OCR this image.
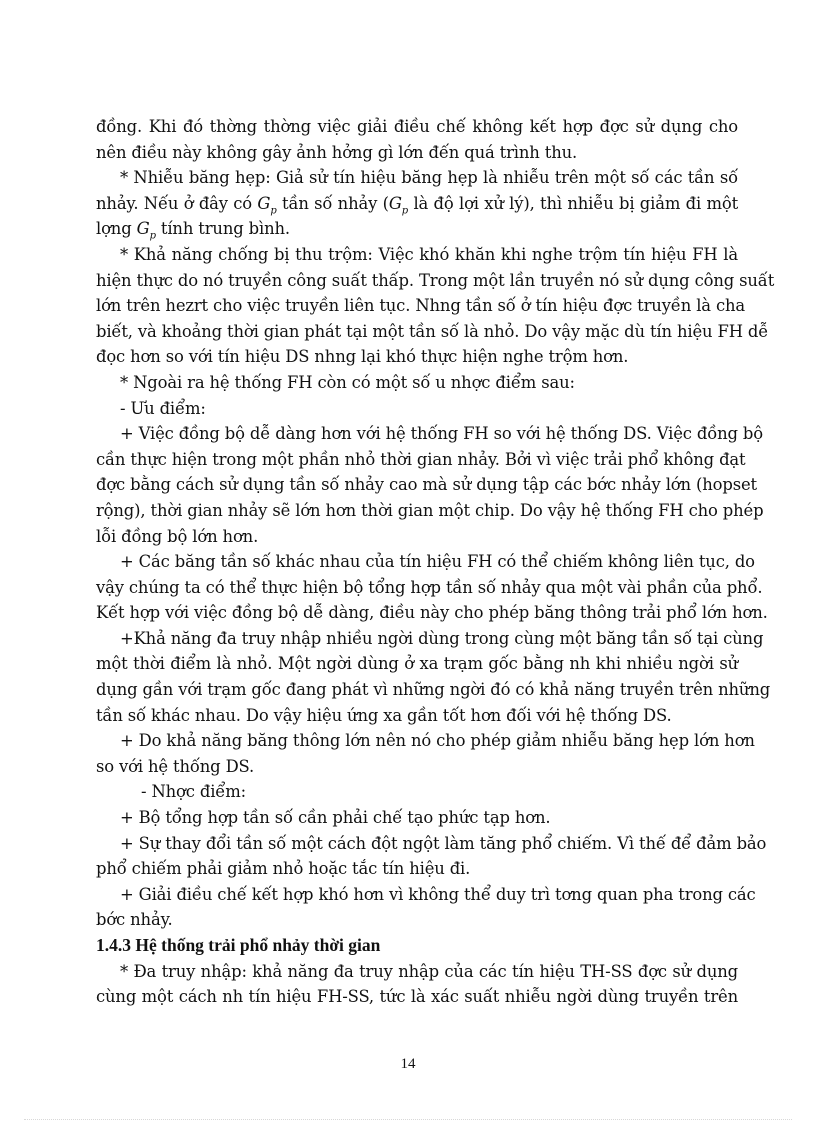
đồng. Khi đó thờng thờng việc giải điều chế không kết hợp đợc sử dụng cho
nên điều này không gây ảnh hởng gì lớn đến quá trình thu.
* Nhiễu băng hẹp: Giả sử tín hiệu băng hẹp là nhiễu trên một số các tần số
nhảy. Nếu ở đây có $G_p$ tần số nhảy ($G_p$ là độ lợi xử lý), thì nhiễu bị giảm đi một
lợng $G_p$ tính trung bình.
* Khả năng chống bị thu trộm: Việc khó khăn khi nghe trộm tín hiệu FH là
hiện thực do nó truyền công suất thấp. Trong một lần truyền nó sử dụng công suất
lớn trên hezrt cho việc truyền liên tục. Nhng tần số ở tín hiệu đợc truyền là cha
biết, và khoảng thời gian phát tại một tần số là nhỏ. Do vậy mặc dù tín hiệu FH dễ
đọc hơn so với tín hiệu DS nhng lại khó thực hiện nghe trộm hơn.
* Ngoài ra hệ thống FH còn có một số u nhợc điểm sau:
- Ưu điểm:
+ Việc đồng bộ dễ dàng hơn với hệ thống FH so với hệ thống DS. Việc đồng bộ
cần thực hiện trong một phần nhỏ thời gian nhảy. Bởi vì việc trải phổ không đạt
đợc bằng cách sử dụng tần số nhảy cao mà sử dụng tập các bớc nhảy lớn (hopset
rộng), thời gian nhảy sẽ lớn hơn thời gian một chip. Do vậy hệ thống FH cho phép
lỗi đồng bộ lớn hơn.
+ Các băng tần số khác nhau của tín hiệu FH có thể chiếm không liên tục, do
vậy chúng ta có thể thực hiện bộ tổng hợp tần số nhảy qua một vài phần của phổ.
Kết hợp với việc đồng bộ dễ dàng, điều này cho phép băng thông trải phổ lớn hơn.
+Khả năng đa truy nhập nhiều ngời dùng trong cùng một băng tần số tại cùng
một thời điểm là nhỏ. Một ngời dùng ở xa trạm gốc bằng nh khi nhiều ngời sử
dụng gần với trạm gốc đang phát vì những ngời đó có khả năng truyền trên những
tần số khác nhau. Do vậy hiệu ứng xa gần tốt hơn đối với hệ thống DS.
+ Do khả năng băng thông lớn nên nó cho phép giảm nhiễu băng hẹp lớn hơn
so với hệ thống DS.
- Nhợc điểm:
+ Bộ tổng hợp tần số cần phải chế tạo phức tạp hơn.
+ Sự thay đổi tần số một cách đột ngột làm tăng phổ chiếm. Vì thế để đảm bảo
phổ chiếm phải giảm nhỏ hoặc tắc tín hiệu đi.
+ Giải điều chế kết hợp khó hơn vì không thể duy trì tơng quan pha trong các
bớc nhảy.
1.4.3 Hệ thống trải phổ nhảy thời gian
* Đa truy nhập: khả năng đa truy nhập của các tín hiệu TH-SS đợc sử dụng
cùng một cách nh tín hiệu FH-SS, tức là xác suất nhiễu ngời dùng truyền trên
14
